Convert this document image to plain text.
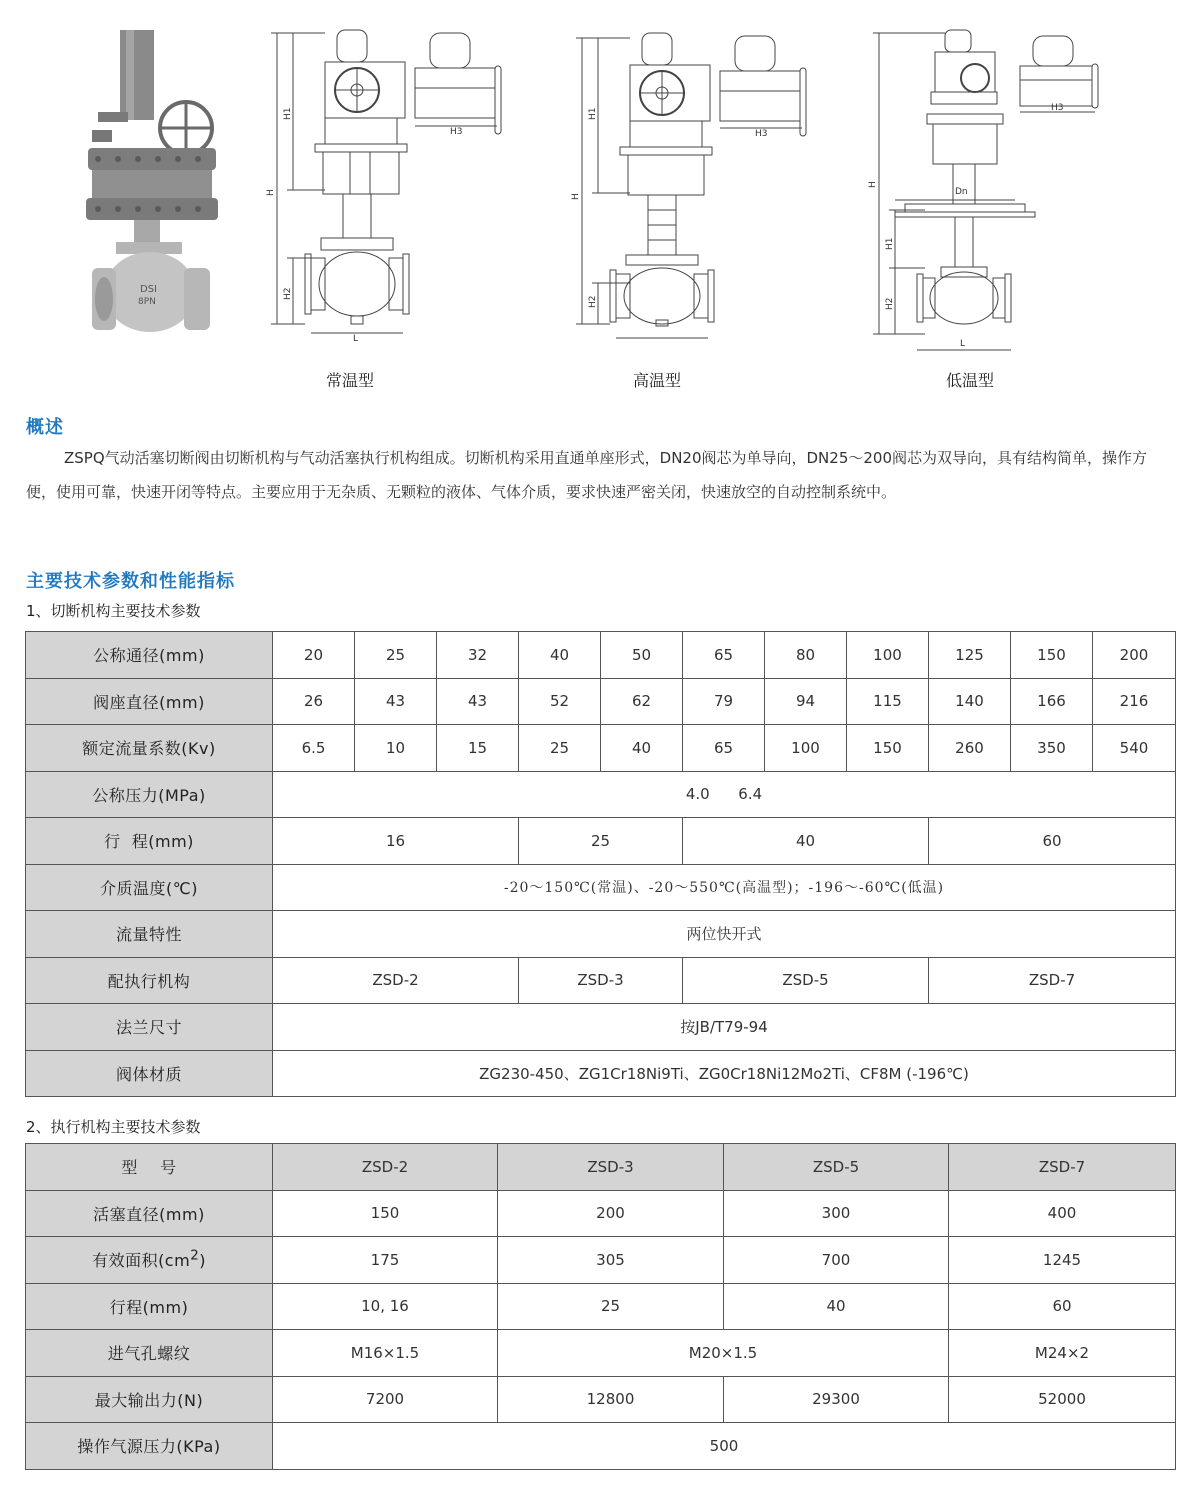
DSI
8PN
H
H1
H2
L
H3
H
H1
H2
H3
H
H1
H2
Dn
L
H3
常温型	高温型	低温型
概述
ZSPQ气动活塞切断阀由切断机构与气动活塞执行机构组成。切断机构采用直通单座形式，DN20阀芯为单导向，DN25～200阀芯为双导向，具有结构简单，操作方便，使用可靠，快速开闭等特点。主要应用于无杂质、无颗粒的液体、气体介质，要求快速严密关闭，快速放空的自动控制系统中。
主要技术参数和性能指标
1、切断机构主要技术参数
公称通径(mm)	20	25	32	40	50	65	80	100	125	150	200
阀座直径(mm)	26	43	43	52	62	79	94	115	140	166	216
额定流量系数(Kv)	6.5	10	15	25	40	65	100	150	260	350	540
公称压力(MPa)	4.0      6.4										
行  程(mm)	16			25		40			60		
介质温度(℃)	-20～150℃(常温)、-20～550℃(高温型)；-196～-60℃(低温)										
流量特性	两位快开式										
配执行机构	ZSD-2			ZSD-3		ZSD-5			ZSD-7		
法兰尺寸	按JB/T79-94										
阀体材质	ZG230-450、ZG1Cr18Ni9Ti、ZG0Cr18Ni12Mo2Ti、CF8M (-196℃)										
2、执行机构主要技术参数
型    号	ZSD-2	ZSD-3	ZSD-5	ZSD-7
活塞直径(mm)	150	200	300	400
有效面积$(cm^2)$	175	305	700	1245
行程(mm)	10, 16	25	40	60
进气孔螺纹	M16×1.5	M20×1.5		M24×2
最大输出力(N)	7200	12800	29300	52000
操作气源压力(KPa)	500			
